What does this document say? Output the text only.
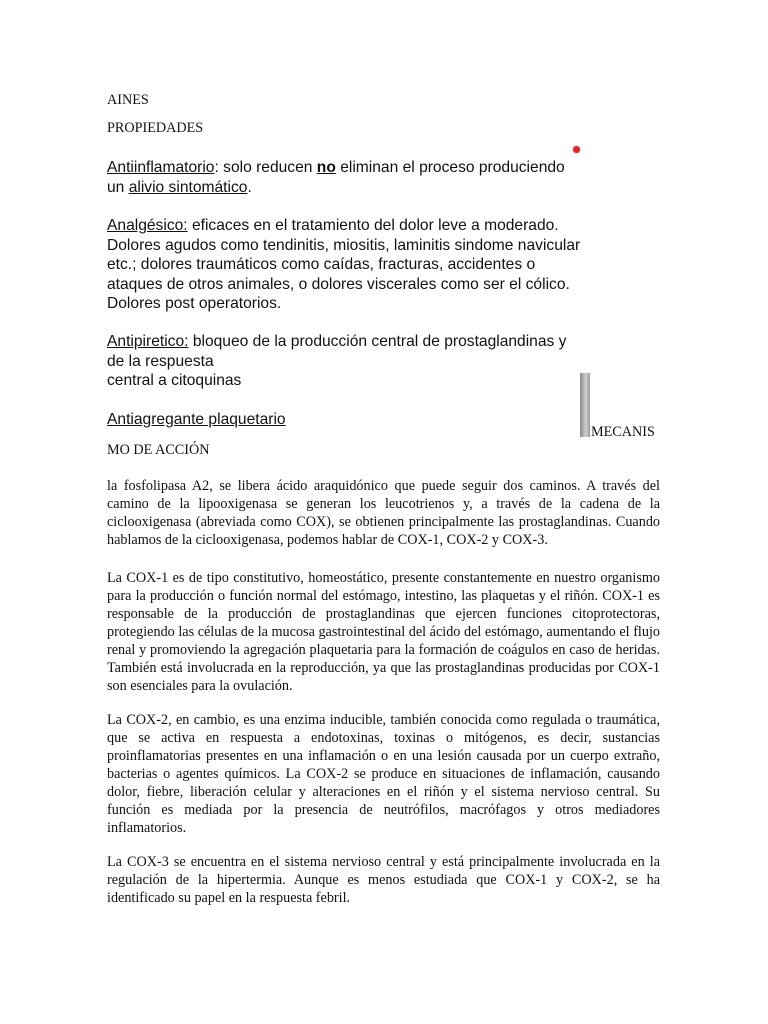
AINES
PROPIEDADES
Antiinflamatorio: solo reducen no eliminan el proceso produciendo
un alivio sintomático.
Analgésico: eficaces en el tratamiento del dolor leve a moderado.
Dolores agudos como tendinitis, miositis, laminitis sindome navicular
etc.; dolores traumáticos como caídas, fracturas, accidentes o
ataques de otros animales, o dolores viscerales como ser el cólico.
Dolores post operatorios.
Antipiretico: bloqueo de la producción central de prostaglandinas y
de la respuesta
central a citoquinas
Antiagregante plaquetario
MECANIS
MO DE ACCIÓN
la fosfolipasa A2, se libera ácido araquidónico que puede seguir dos caminos. A través del camino de la lipooxigenasa se generan los leucotrienos y, a través de la cadena de la ciclooxigenasa (abreviada como COX), se obtienen principalmente las prostaglandinas. Cuando hablamos de la ciclooxigenasa, podemos hablar de COX-1, COX-2 y COX-3.
La COX-1 es de tipo constitutivo, homeostático, presente constantemente en nuestro organismo para la producción o función normal del estómago, intestino, las plaquetas y el riñón. COX-1 es responsable de la producción de prostaglandinas que ejercen funciones citoprotectoras, protegiendo las células de la mucosa gastrointestinal del ácido del estómago, aumentando el flujo renal y promoviendo la agregación plaquetaria para la formación de coágulos en caso de heridas. También está involucrada en la reproducción, ya que las prostaglandinas producidas por COX-1 son esenciales para la ovulación.
La COX-2, en cambio, es una enzima inducible, también conocida como regulada o traumática, que se activa en respuesta a endotoxinas, toxinas o mitógenos, es decir, sustancias proinflamatorias presentes en una inflamación o en una lesión causada por un cuerpo extraño, bacterias o agentes químicos. La COX-2 se produce en situaciones de inflamación, causando dolor, fiebre, liberación celular y alteraciones en el riñón y el sistema nervioso central. Su función es mediada por la presencia de neutrófilos, macrófagos y otros mediadores inflamatorios.
La COX-3 se encuentra en el sistema nervioso central y está principalmente involucrada en la regulación de la hipertermia. Aunque es menos estudiada que COX-1 y COX-2, se ha identificado su papel en la respuesta febril.
